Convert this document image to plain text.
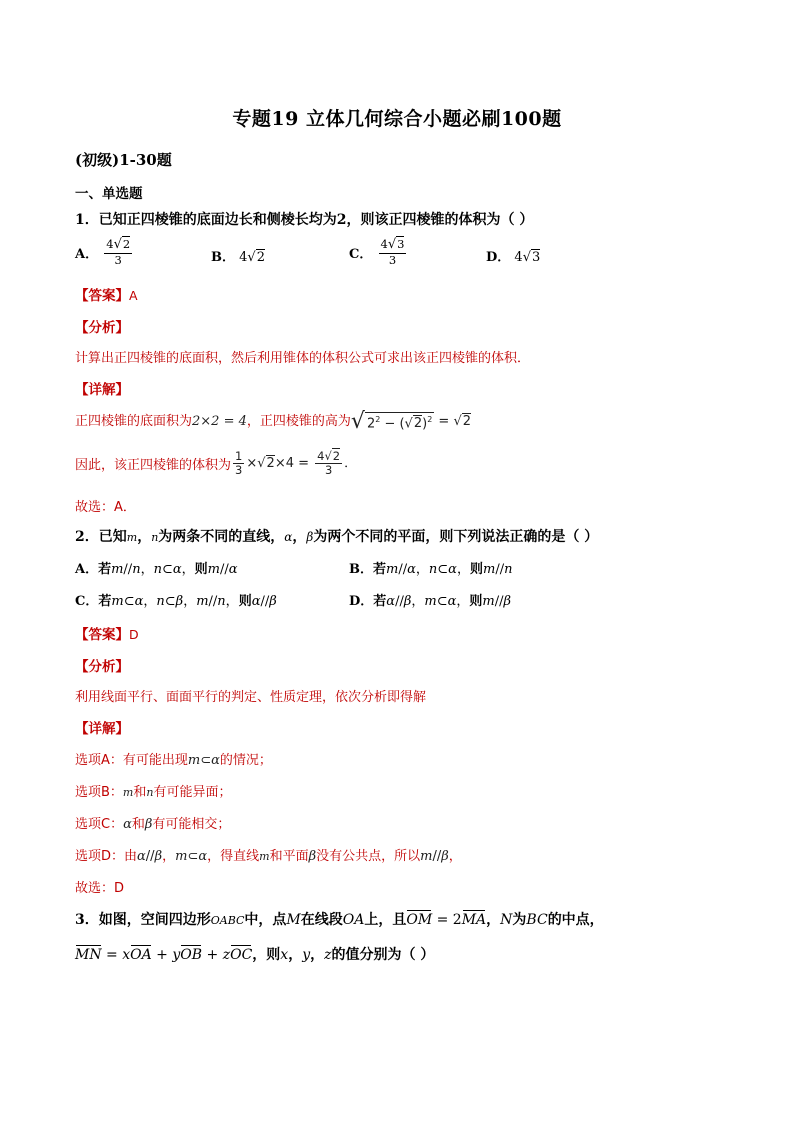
专题19 立体几何综合小题必刷100题
(初级)1-30题
一、单选题
1．已知正四棱锥的底面边长和侧棱长均为2，则该正四棱锥的体积为（ ）
A． $\frac{4√2}{3}$	B． 4√2	C． $\frac{4√3}{3}$	D． 4√3
【答案】A
【分析】
计算出正四棱锥的底面积，然后利用锥体的体积公式可求出该正四棱锥的体积．
【详解】
正四棱锥的底面积为2×2 = 4，正四棱锥的高为 √ $2^2 - (√2)^2 = √2$
因此，该正四棱锥的体积为 $\frac{1}{3} \times√2\times 4 = \frac{4√2}{3}$ ．
故选：A．
2．已知m，n为两条不同的直线，α，β为两个不同的平面，则下列说法正确的是（ ）
A．若m//n，n⊂α，则m//α	B．若m//α，n⊂α，则m//n
C．若m⊂α，n⊂β，m//n，则α//β	D．若α//β，m⊂α，则m//β
【答案】D
【分析】
利用线面平行、面面平行的判定、性质定理，依次分析即得解
【详解】
选项A：有可能出现m⊂α的情况；
选项B：m和n有可能异面；
选项C：α和β有可能相交；
选项D：由α//β，m⊂α，得直线m和平面β没有公共点，所以m//β，
故选：D
3．如图，空间四边形OABC中，点M在线段OA上，且OM = 2MA，N为BC的中点，
MN = xOA + yOB + zOC，则x，y，z的值分别为（ ）
